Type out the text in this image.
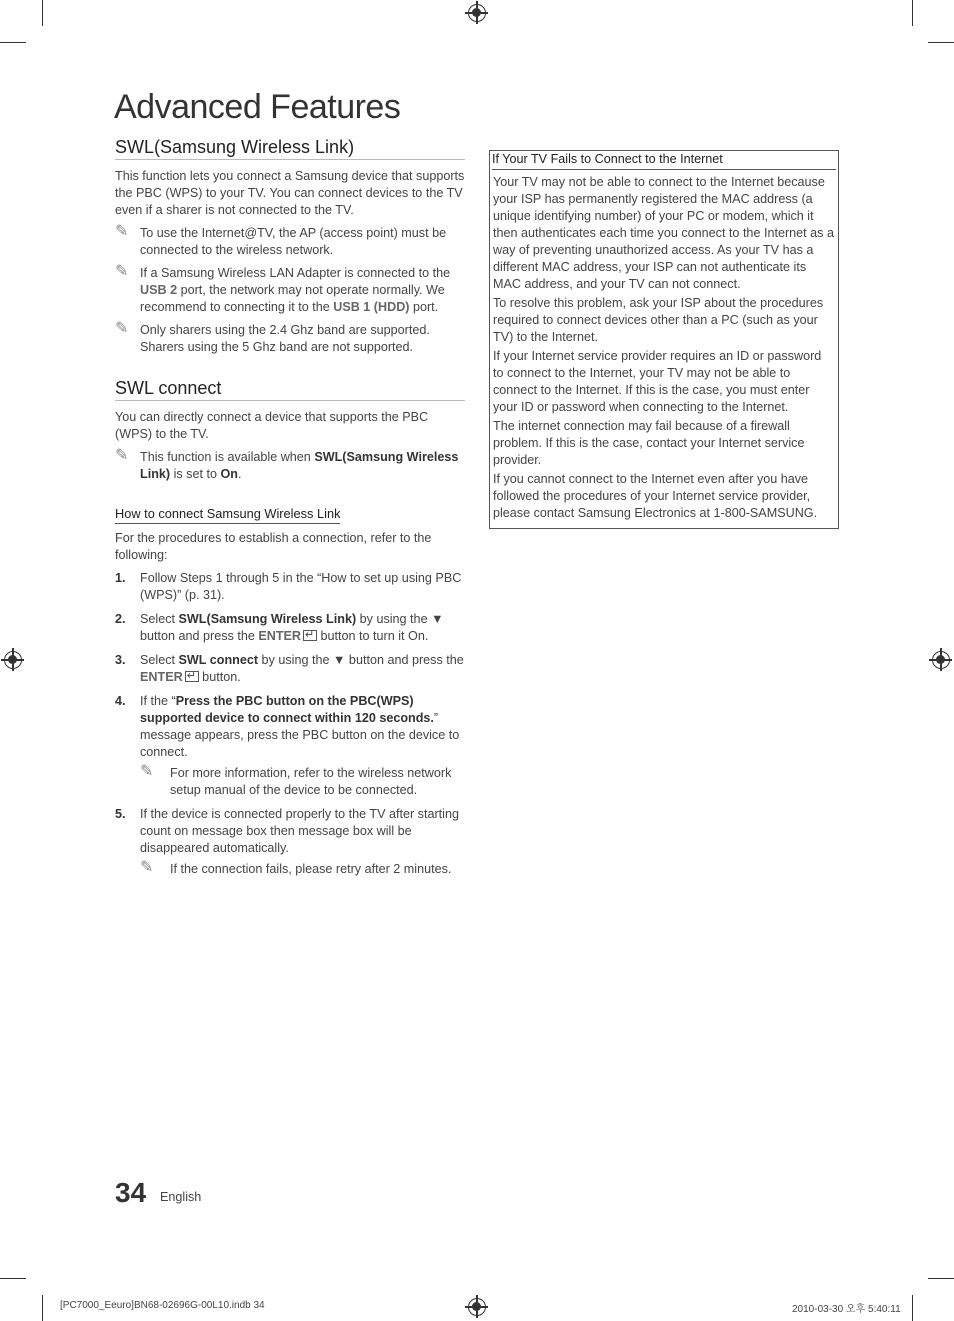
Advanced Features
SWL(Samsung Wireless Link)

This function lets you connect a Samsung device that supports the PBC (WPS) to your TV. You can connect devices to the TV even if a sharer is not connected to the TV.

✎ To use the Internet@TV, the AP (access point) must be connected to the wireless network.
✎ If a Samsung Wireless LAN Adapter is connected to the USB 2 port, the network may not operate normally. We recommend to connecting it to the USB 1 (HDD) port.
✎ Only sharers using the 2.4 Ghz band are supported. Sharers using the 5 Ghz band are not supported.
SWL connect

You can directly connect a device that supports the PBC (WPS) to the TV.

✎ This function is available when SWL(Samsung Wireless Link) is set to On.
How to connect Samsung Wireless Link

For the procedures to establish a connection, refer to the following:

1. Follow Steps 1 through 5 in the “How to set up using PBC (WPS)” (p. 31).
2. Select SWL(Samsung Wireless Link) by using the ▼ button and press the ENTER↵ button to turn it On.
3. Select SWL connect by using the ▼ button and press the ENTER↵ button.
4. If the “Press the PBC button on the PBC(WPS) supported device to connect within 120 seconds.” message appears, press the PBC button on the device to connect.
✎ For more information, refer to the wireless network setup manual of the device to be connected.
5. If the device is connected properly to the TV after starting count on message box then message box will be disappeared automatically.
✎ If the connection fails, please retry after 2 minutes.
If Your TV Fails to Connect to the Internet

Your TV may not be able to connect to the Internet because your ISP has permanently registered the MAC address (a unique identifying number) of your PC or modem, which it then authenticates each time you connect to the Internet as a way of preventing unauthorized access. As your TV has a different MAC address, your ISP can not authenticate its MAC address, and your TV can not connect.

To resolve this problem, ask your ISP about the procedures required to connect devices other than a PC (such as your TV) to the Internet.

If your Internet service provider requires an ID or password to connect to the Internet, your TV may not be able to connect to the Internet. If this is the case, you must enter your ID or password when connecting to the Internet.

The internet connection may fail because of a firewall problem. If this is the case, contact your Internet service provider.

If you cannot connect to the Internet even after you have followed the procedures of your Internet service provider, please contact Samsung Electronics at 1-800-SAMSUNG.

34 English
[PC7000_Eeuro]BN68-02696G-00L10.indb 34	2010-03-30 오후 5:40:11
